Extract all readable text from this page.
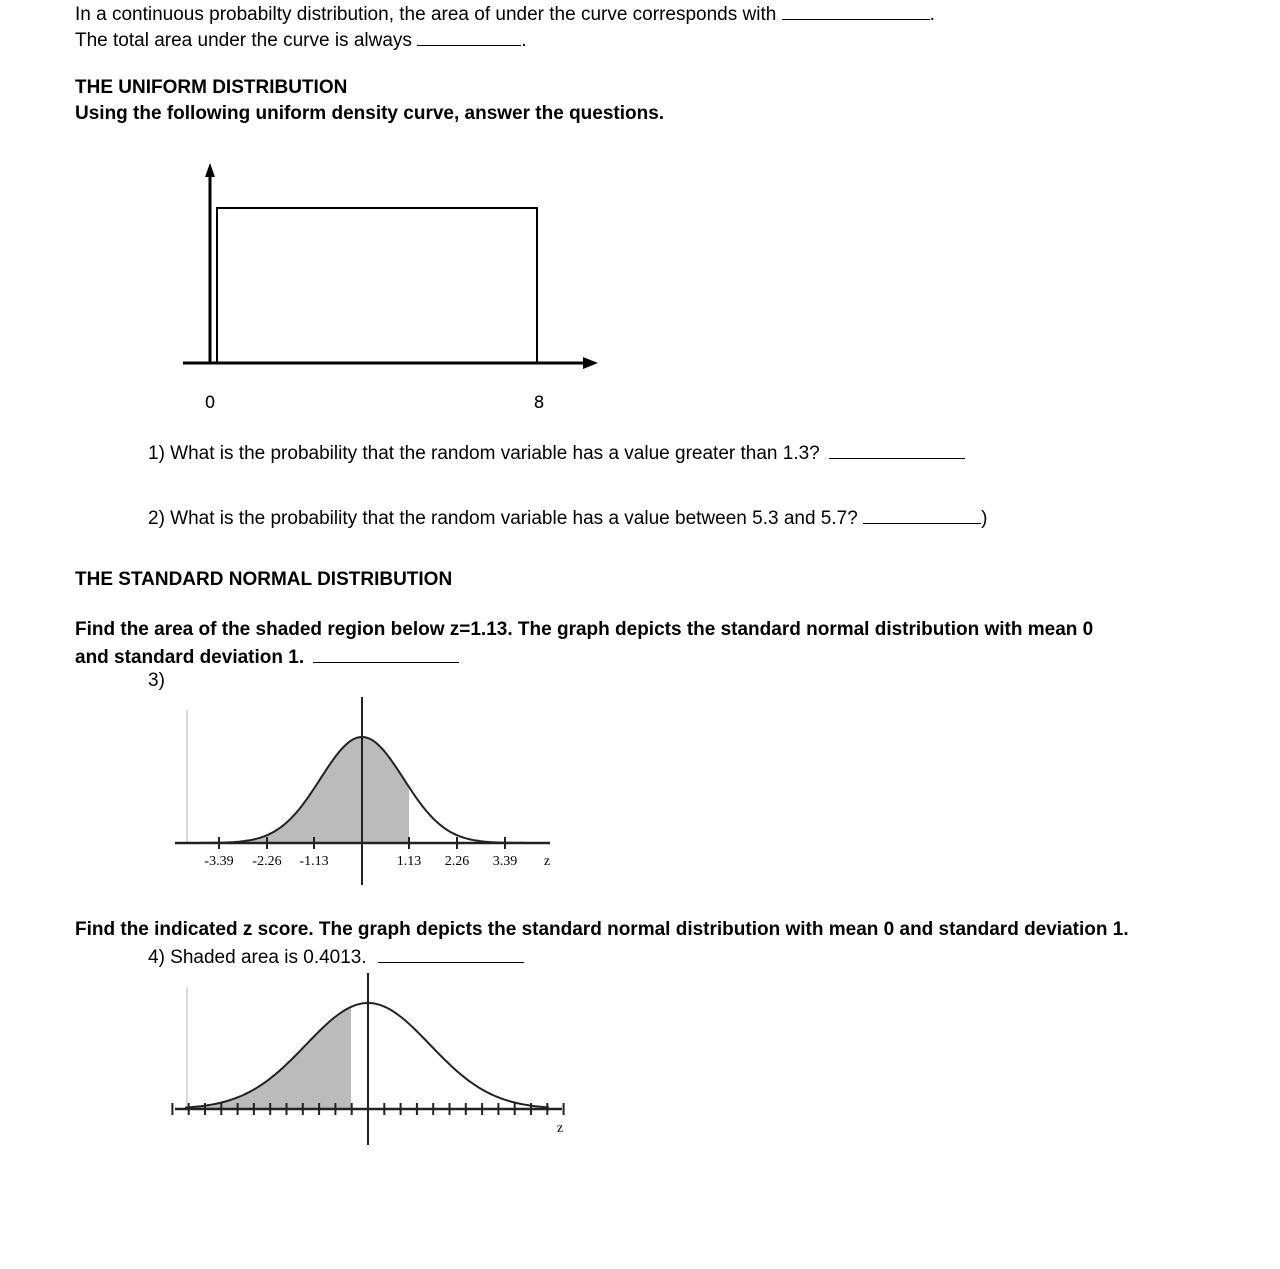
In a continuous probabilty distribution, the area of under the curve corresponds with	.
The total area under the curve is always	.
THE UNIFORM DISTRIBUTION
Using the following uniform density curve, answer the questions.
0	8
-3.39 -2.26 -1.13	1.13 2.26 3.39 z
z
1) What is the probability that the random variable has a value greater than 1.3?
2) What is the probability that the random variable has a value between 5.3 and 5.7?	)
THE STANDARD NORMAL DISTRIBUTION
Find the area of the shaded region below z=1.13. The graph depicts the standard normal distribution with mean 0
and standard deviation 1.
3)
Find the indicated z score. The graph depicts the standard normal distribution with mean 0 and standard deviation 1.
4) Shaded area is 0.4013.
